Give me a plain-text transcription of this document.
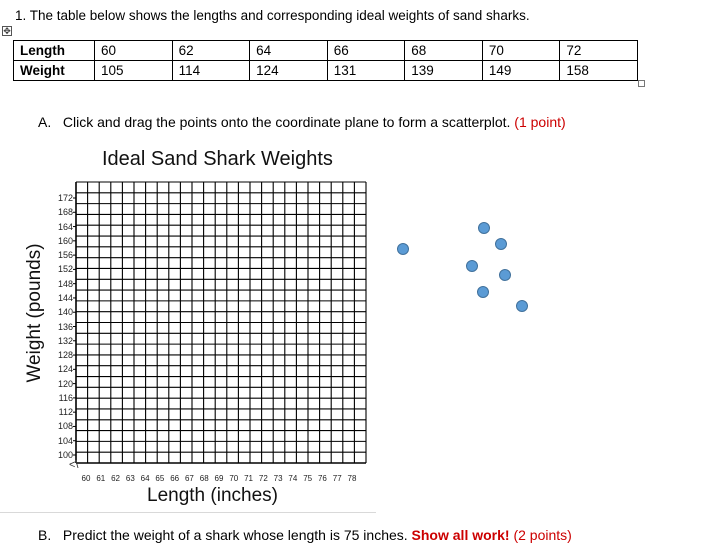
1. The table below shows the lengths and corresponding ideal weights of sand sharks.
✥
Length	60	62	64	66	68	70	72
Weight	105	114	124	131	139	149	158
A. Click and drag the points onto the coordinate plane to form a scatterplot. (1 point)
Ideal Sand Shark Weights
Weight (pounds)
Length (inches)
172
168
164
160
156
152
148
144
140
136
132
128
124
120
116
112
108
104
100
60 61 62 63 64 65 66 67 68 69 70 71 72 73 74 75 76 77 78
<\
B. Predict the weight of a shark whose length is 75 inches. Show all work! (2 points)
